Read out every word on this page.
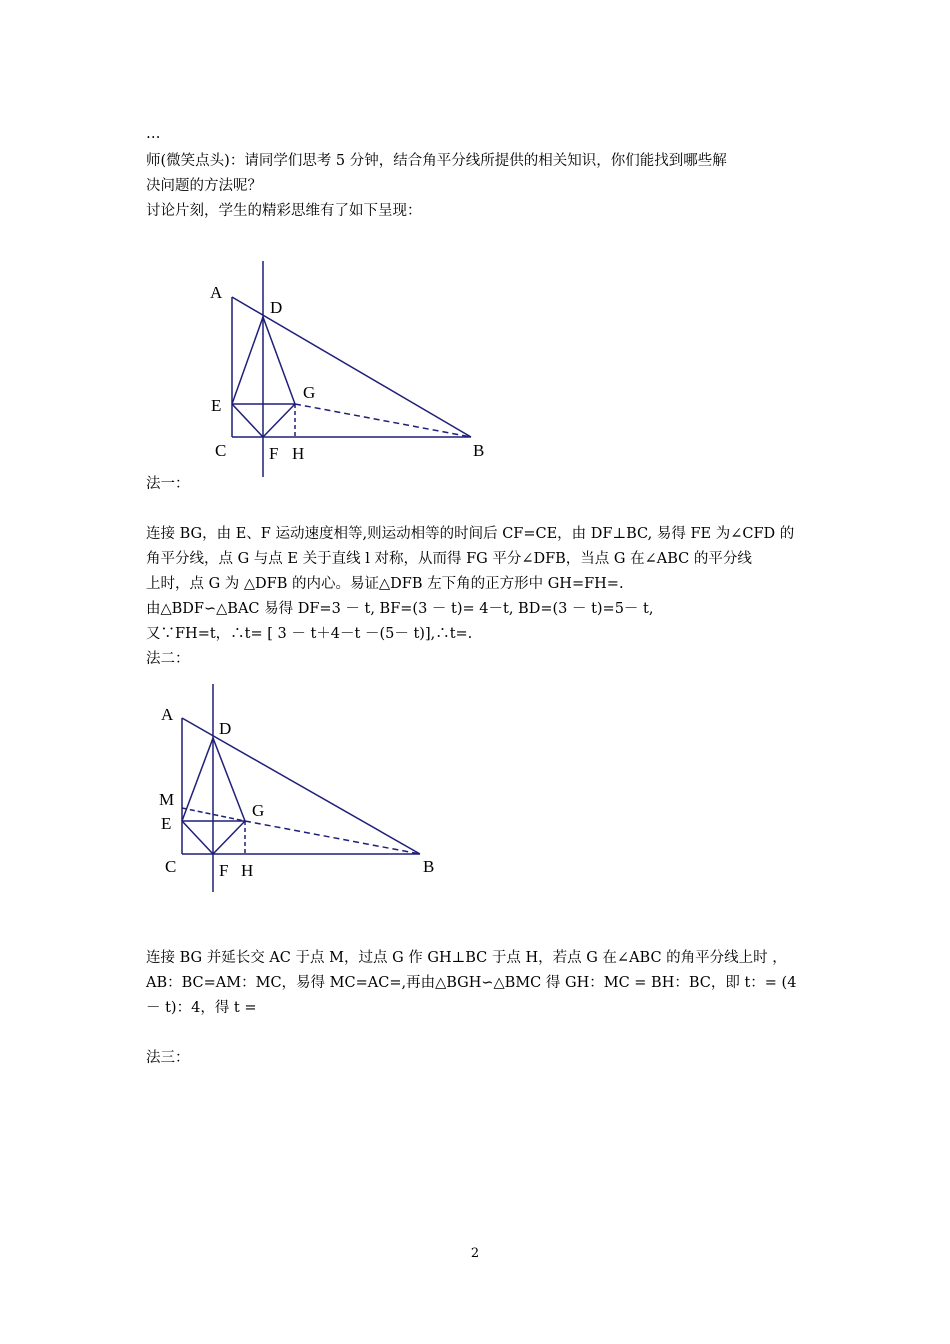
…
师(微笑点头)：请同学们思考 5 分钟，结合角平分线所提供的相关知识，你们能找到哪些解
决问题的方法呢？
讨论片刻，学生的精彩思维有了如下呈现：
A
D
E
G
C	F H	B
法一：
连接 BG，由 E、F 运动速度相等,则运动相等的时间后 CF=CE，由 DF⊥BC, 易得 FE 为∠CFD 的
角平分线，点 G 与点 E 关于直线 l 对称，从而得 FG 平分∠DFB，当点 G 在∠ABC 的平分线
上时，点 G 为 △DFB 的内心。易证△DFB 左下角的正方形中 GH=FH=.
由△BDF∽△BAC 易得 DF=3 － t, BF=(3 － t)= 4－t, BD=(3 － t)=5－ t,
又∵FH=t，∴t= [ 3 － t＋4－t －(5－ t)],∴t=.
法二：
A
D
M
E
G
C	F H	B
连接 BG 并延长交 AC 于点 M，过点 G 作 GH⊥BC 于点 H，若点 G 在∠ABC 的角平分线上时 ，
AB：BC=AM：MC，易得 MC=AC=,再由△BGH∽△BMC 得 GH：MC = BH：BC，即 t：= (4
－ t)：4，得 t =
法三：
2
